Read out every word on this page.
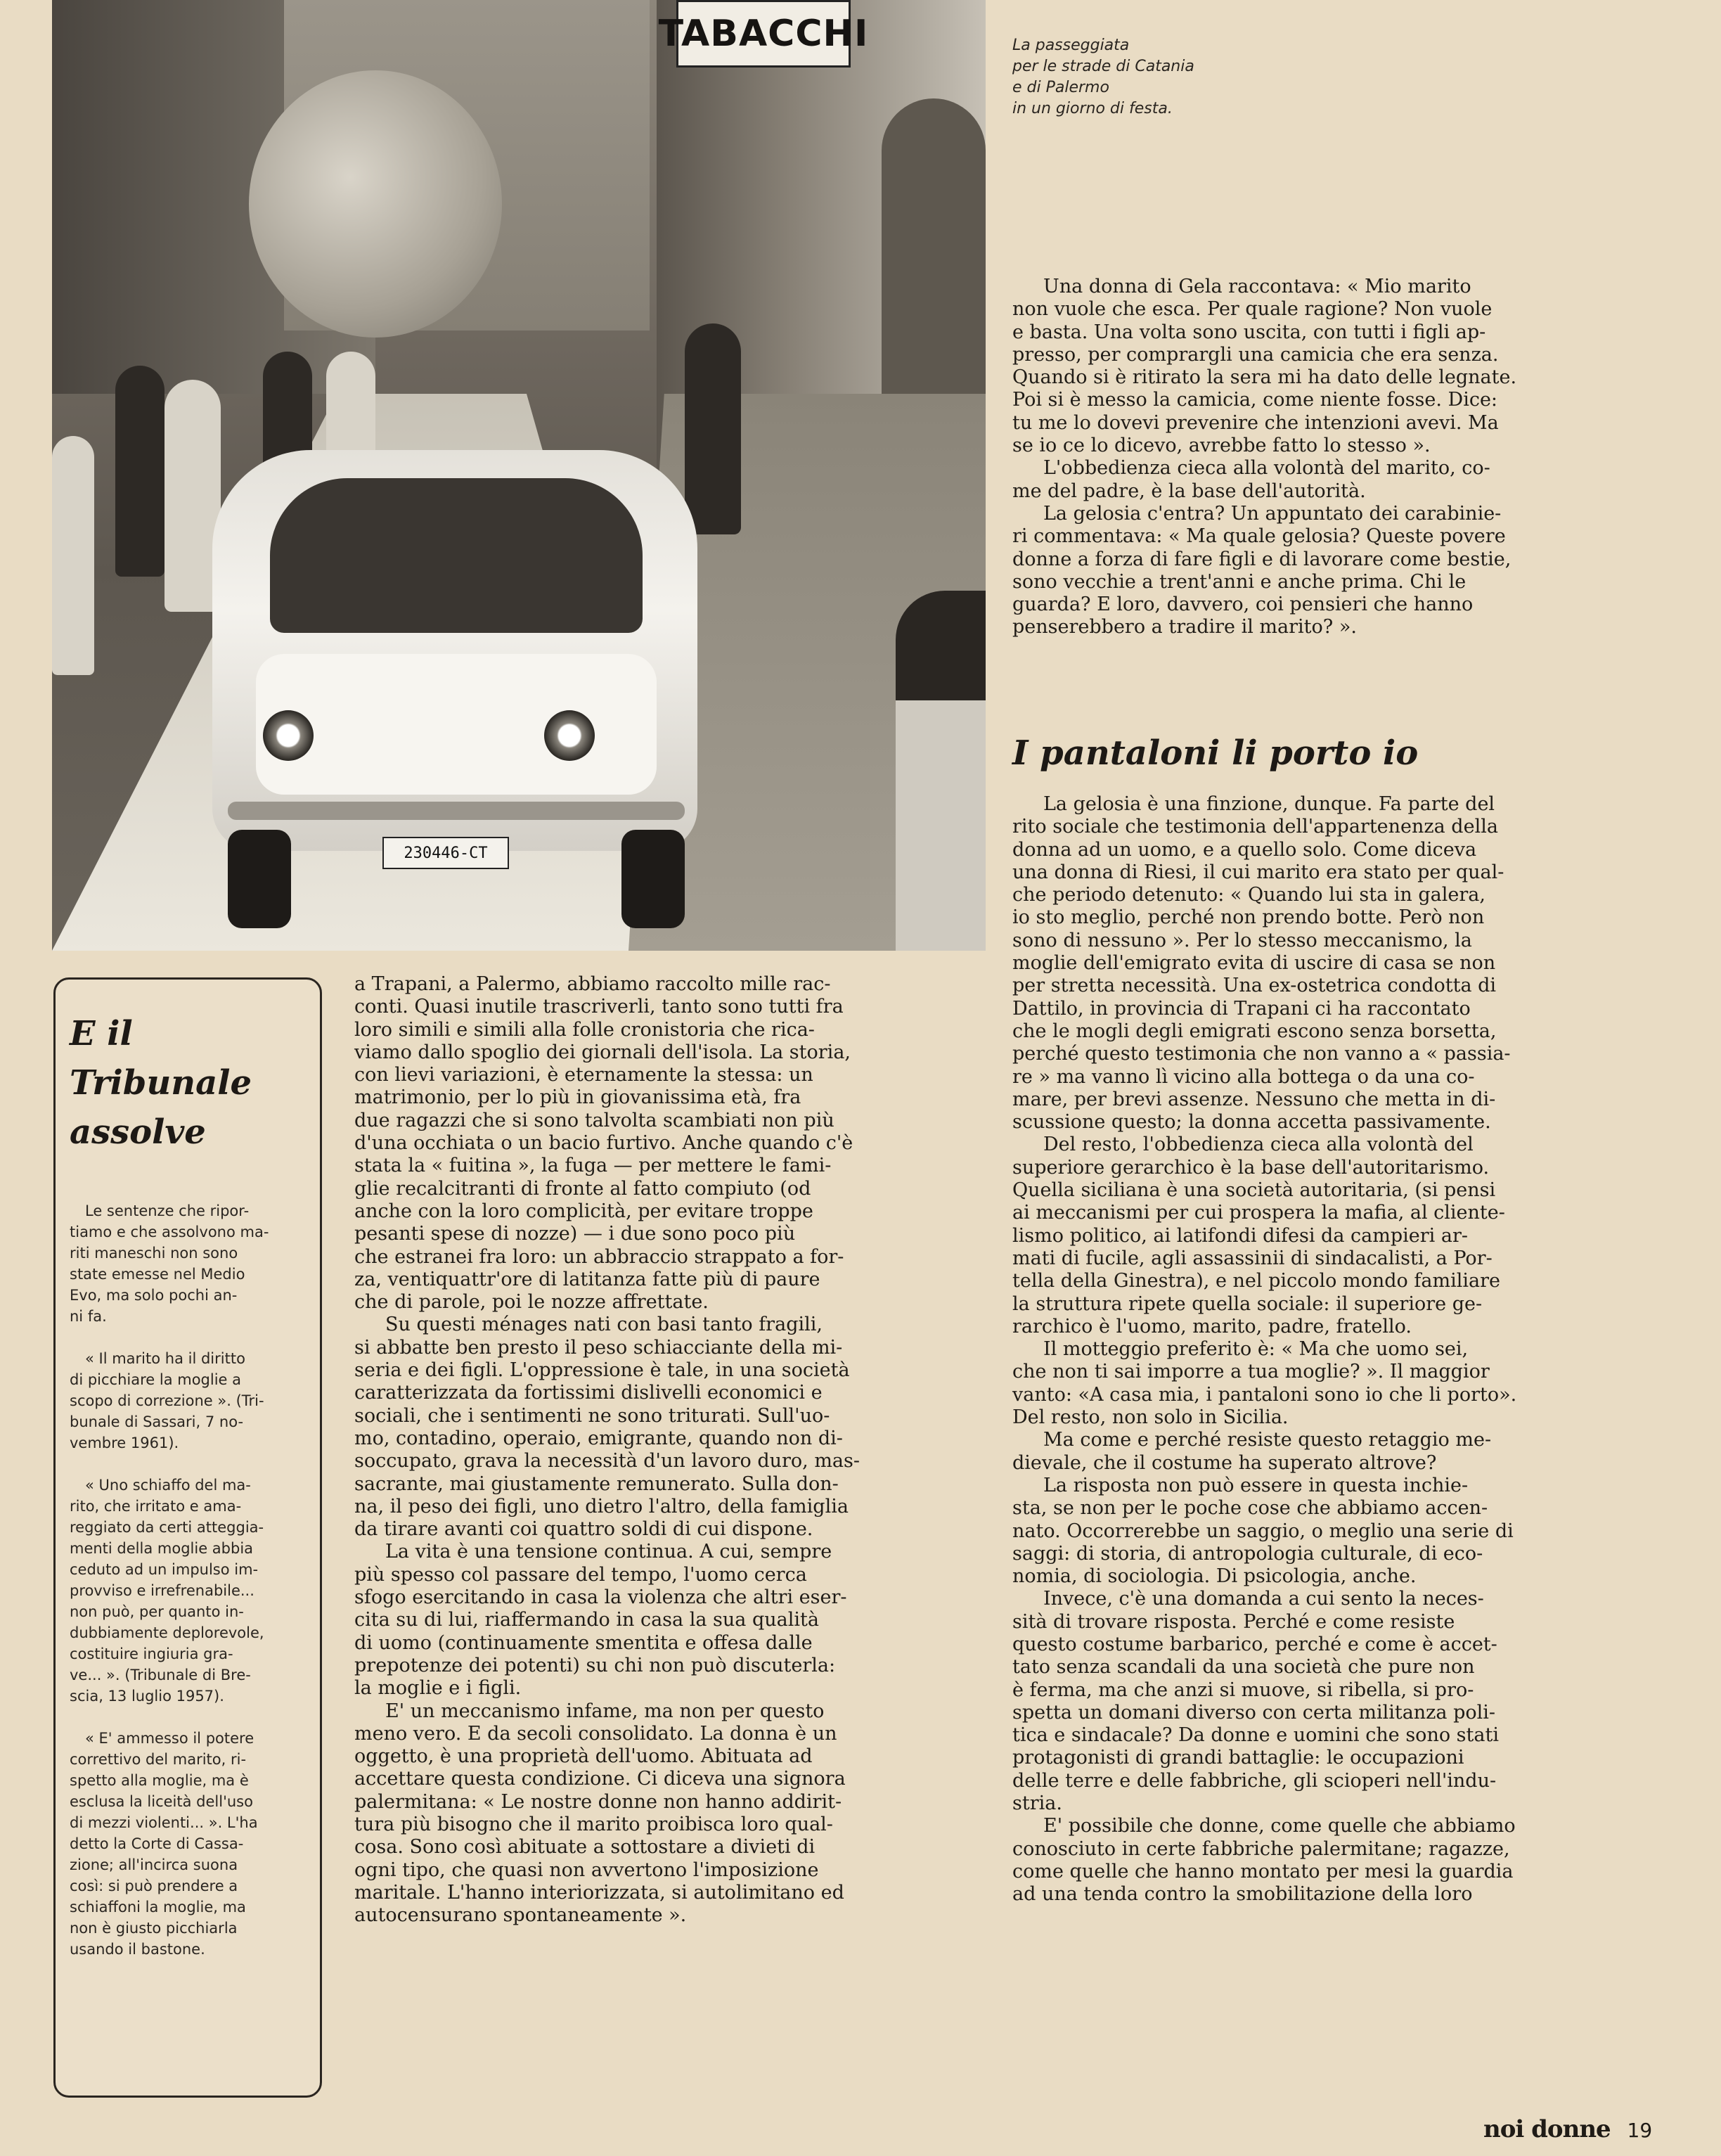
TABACCHI
230446-CT
La passeggiata
per le strade di Catania
e di Palermo
in un giorno di festa.
E il
Tribunale
assolve
Le sentenze che ripor-
tiamo e che assolvono ma-
riti maneschi non sono
state emesse nel Medio
Evo, ma solo pochi an-
ni fa.
« Il marito ha il diritto
di picchiare la moglie a
scopo di correzione ». (Tri-
bunale di Sassari, 7 no-
vembre 1961).
« Uno schiaffo del ma-
rito, che irritato e ama-
reggiato da certi atteggia-
menti della moglie abbia
ceduto ad un impulso im-
provviso e irrefrenabile...
non può, per quanto in-
dubbiamente deplorevole,
costituire ingiuria gra-
ve... ». (Tribunale di Bre-
scia, 13 luglio 1957).
« E' ammesso il potere
correttivo del marito, ri-
spetto alla moglie, ma è
esclusa la liceità dell'uso
di mezzi violenti... ». L'ha
detto la Corte di Cassa-
zione; all'incirca suona
così: si può prendere a
schiaffoni la moglie, ma
non è giusto picchiarla
usando il bastone.
a Trapani, a Palermo, abbiamo raccolto mille rac-
conti. Quasi inutile trascriverli, tanto sono tutti fra
loro simili e simili alla folle cronistoria che rica-
viamo dallo spoglio dei giornali dell'isola. La storia,
con lievi variazioni, è eternamente la stessa: un
matrimonio, per lo più in giovanissima età, fra
due ragazzi che si sono talvolta scambiati non più
d'una occhiata o un bacio furtivo. Anche quando c'è
stata la « fuitina », la fuga — per mettere le fami-
glie recalcitranti di fronte al fatto compiuto (od
anche con la loro complicità, per evitare troppe
pesanti spese di nozze) — i due sono poco più
che estranei fra loro: un abbraccio strappato a for-
za, ventiquattr'ore di latitanza fatte più di paure
che di parole, poi le nozze affrettate.
Su questi ménages nati con basi tanto fragili,
si abbatte ben presto il peso schiacciante della mi-
seria e dei figli. L'oppressione è tale, in una società
caratterizzata da fortissimi dislivelli economici e
sociali, che i sentimenti ne sono triturati. Sull'uo-
mo, contadino, operaio, emigrante, quando non di-
soccupato, grava la necessità d'un lavoro duro, mas-
sacrante, mai giustamente remunerato. Sulla don-
na, il peso dei figli, uno dietro l'altro, della famiglia
da tirare avanti coi quattro soldi di cui dispone.
La vita è una tensione continua. A cui, sempre
più spesso col passare del tempo, l'uomo cerca
sfogo esercitando in casa la violenza che altri eser-
cita su di lui, riaffermando in casa la sua qualità
di uomo (continuamente smentita e offesa dalle
prepotenze dei potenti) su chi non può discuterla:
la moglie e i figli.
E' un meccanismo infame, ma non per questo
meno vero. E da secoli consolidato. La donna è un
oggetto, è una proprietà dell'uomo. Abituata ad
accettare questa condizione. Ci diceva una signora
palermitana: « Le nostre donne non hanno addirit-
tura più bisogno che il marito proibisca loro qual-
cosa. Sono così abituate a sottostare a divieti di
ogni tipo, che quasi non avvertono l'imposizione
maritale. L'hanno interiorizzata, si autolimitano ed
autocensurano spontaneamente ».
Una donna di Gela raccontava: « Mio marito
non vuole che esca. Per quale ragione? Non vuole
e basta. Una volta sono uscita, con tutti i figli ap-
presso, per comprargli una camicia che era senza.
Quando si è ritirato la sera mi ha dato delle legnate.
Poi si è messo la camicia, come niente fosse. Dice:
tu me lo dovevi prevenire che intenzioni avevi. Ma
se io ce lo dicevo, avrebbe fatto lo stesso ».
L'obbedienza cieca alla volontà del marito, co-
me del padre, è la base dell'autorità.
La gelosia c'entra? Un appuntato dei carabinie-
ri commentava: « Ma quale gelosia? Queste povere
donne a forza di fare figli e di lavorare come bestie,
sono vecchie a trent'anni e anche prima. Chi le
guarda? E loro, davvero, coi pensieri che hanno
penserebbero a tradire il marito? ».
I pantaloni li porto io
La gelosia è una finzione, dunque. Fa parte del
rito sociale che testimonia dell'appartenenza della
donna ad un uomo, e a quello solo. Come diceva
una donna di Riesi, il cui marito era stato per qual-
che periodo detenuto: « Quando lui sta in galera,
io sto meglio, perché non prendo botte. Però non
sono di nessuno ». Per lo stesso meccanismo, la
moglie dell'emigrato evita di uscire di casa se non
per stretta necessità. Una ex-ostetrica condotta di
Dattilo, in provincia di Trapani ci ha raccontato
che le mogli degli emigrati escono senza borsetta,
perché questo testimonia che non vanno a « passia-
re » ma vanno lì vicino alla bottega o da una co-
mare, per brevi assenze. Nessuno che metta in di-
scussione questo; la donna accetta passivamente.
Del resto, l'obbedienza cieca alla volontà del
superiore gerarchico è la base dell'autoritarismo.
Quella siciliana è una società autoritaria, (si pensi
ai meccanismi per cui prospera la mafia, al cliente-
lismo politico, ai latifondi difesi da campieri ar-
mati di fucile, agli assassinii di sindacalisti, a Por-
tella della Ginestra), e nel piccolo mondo familiare
la struttura ripete quella sociale: il superiore ge-
rarchico è l'uomo, marito, padre, fratello.
Il motteggio preferito è: « Ma che uomo sei,
che non ti sai imporre a tua moglie? ». Il maggior
vanto: «A casa mia, i pantaloni sono io che li porto».
Del resto, non solo in Sicilia.
Ma come e perché resiste questo retaggio me-
dievale, che il costume ha superato altrove?
La risposta non può essere in questa inchie-
sta, se non per le poche cose che abbiamo accen-
nato. Occorrerebbe un saggio, o meglio una serie di
saggi: di storia, di antropologia culturale, di eco-
nomia, di sociologia. Di psicologia, anche.
Invece, c'è una domanda a cui sento la neces-
sità di trovare risposta. Perché e come resiste
questo costume barbarico, perché e come è accet-
tato senza scandali da una società che pure non
è ferma, ma che anzi si muove, si ribella, si pro-
spetta un domani diverso con certa militanza poli-
tica e sindacale? Da donne e uomini che sono stati
protagonisti di grandi battaglie: le occupazioni
delle terre e delle fabbriche, gli scioperi nell'indu-
stria.
E' possibile che donne, come quelle che abbiamo
conosciuto in certe fabbriche palermitane; ragazze,
come quelle che hanno montato per mesi la guardia
ad una tenda contro la smobilitazione della loro
noi donne 19
